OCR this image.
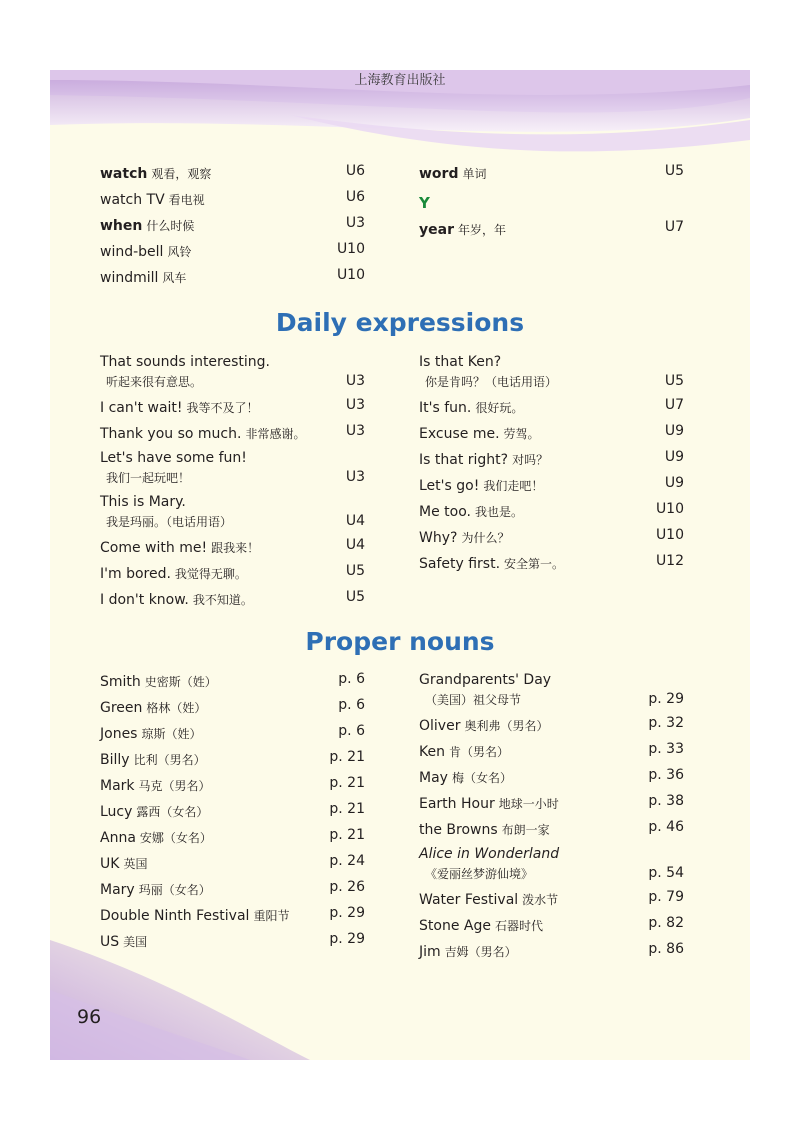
上海教育出版社
watch 观看，观察	U6
watch TV 看电视	U6
when 什么时候	U3
wind-bell 风铃	U10
windmill 风车	U10
word 单词	U5
Y
year 年岁，年	U7
Daily expressions
That sounds interesting.
听起来很有意思。	U3
I can't wait! 我等不及了！	U3
Thank you so much. 非常感谢。	U3
Let's have some fun!
我们一起玩吧！	U3
This is Mary.
我是玛丽。（电话用语）	U4
Come with me! 跟我来！	U4
I'm bored. 我觉得无聊。	U5
I don't know. 我不知道。	U5
Is that Ken?
你是肯吗？（电话用语）	U5
It's fun. 很好玩。	U7
Excuse me. 劳驾。	U9
Is that right? 对吗？	U9
Let's go! 我们走吧！	U9
Me too. 我也是。	U10
Why? 为什么？	U10
Safety first. 安全第一。	U12
Proper nouns
Smith 史密斯（姓）	p. 6
Green 格林（姓）	p. 6
Jones 琼斯（姓）	p. 6
Billy 比利（男名）	p. 21
Mark 马克（男名）	p. 21
Lucy 露西（女名）	p. 21
Anna 安娜（女名）	p. 21
UK 英国	p. 24
Mary 玛丽（女名）	p. 26
Double Ninth Festival 重阳节	p. 29
US 美国	p. 29
Grandparents' Day
（美国）祖父母节	p. 29
Oliver 奥利弗（男名）	p. 32
Ken 肯（男名）	p. 33
May 梅（女名）	p. 36
Earth Hour 地球一小时	p. 38
the Browns 布朗一家	p. 46
Alice in Wonderland
《爱丽丝梦游仙境》	p. 54
Water Festival 泼水节	p. 79
Stone Age 石器时代	p. 82
Jim 吉姆（男名）	p. 86
96
